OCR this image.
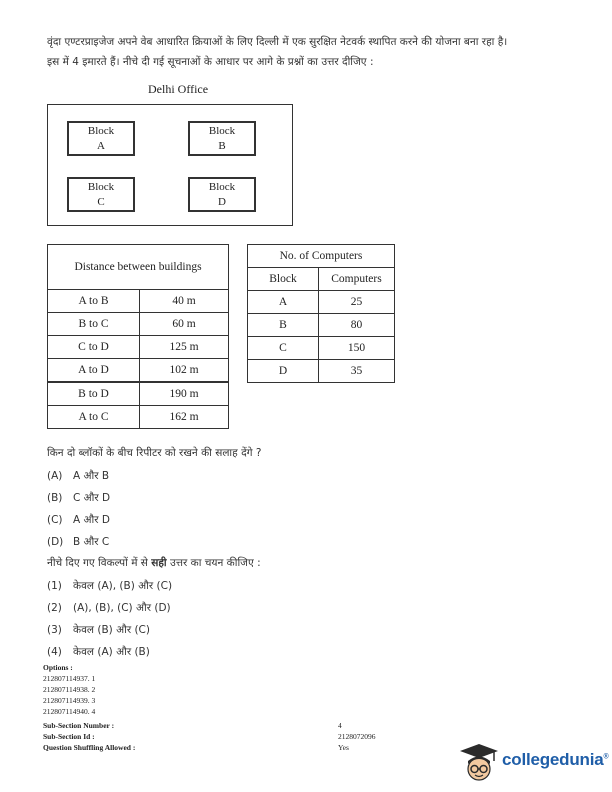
वृंदा एण्टरप्राइजेज अपने वेब आधारित क्रियाओं के लिए दिल्ली में एक सुरक्षित नेटवर्क स्थापित करने की योजना बना रहा है।
इस में 4 इमारते हैं। नीचे दी गई सूचनाओं के आधार पर आगे के प्रश्नों का उत्तर दीजिए :
Delhi Office
Block
A
Block
B
Block
C
Block
D
Distance between buildings	
A to B	40 m
B to C	60 m
C to D	125 m
A to D	102 m
B to D	190 m
A to C	162 m
No. of Computers	
Block	Computers
A	25
B	80
C	150
D	35
किन दो ब्लॉकों के बीच रिपीटर को रखने की सलाह देंगे ?
(A) A और B
(B) C और D
(C) A और D
(D) B और C
नीचे दिए गए विकल्पों में से सही उत्तर का चयन कीजिए :
(1) केवल (A), (B) और (C)
(2) (A), (B), (C) और (D)
(3) केवल (B) और (C)
(4) केवल (A) और (B)
Options :
212807114937. 1
212807114938. 2
212807114939. 3
212807114940. 4
Sub-Section Number :	4
Sub-Section Id :	2128072096
Question Shuffling Allowed :	Yes
collegedunia®
